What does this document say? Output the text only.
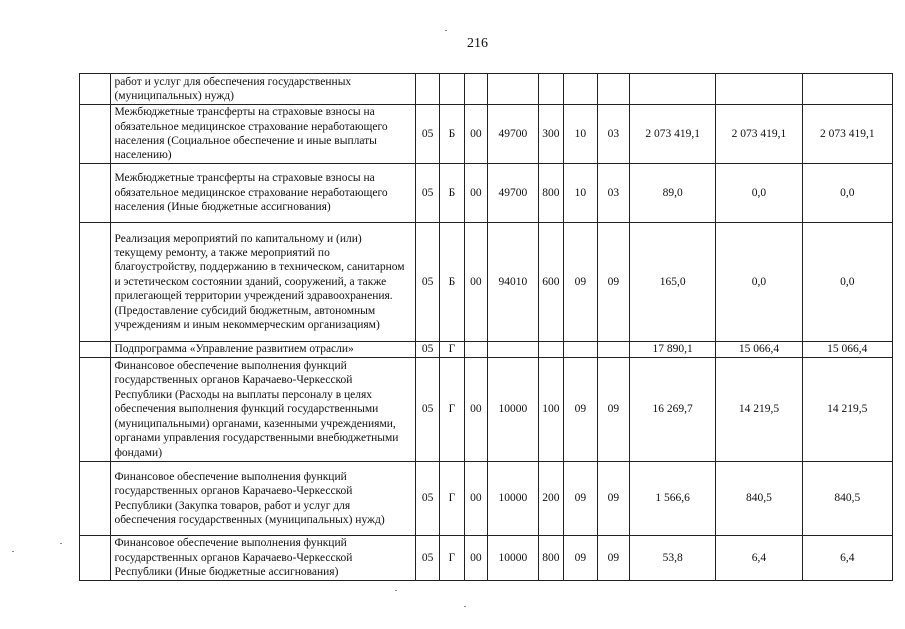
216
	работ и услуг для обеспечения государственных (муниципальных) нужд)										
	Межбюджетные трансферты на страховые взносы на обязательное медицинское страхование неработающего населения (Социальное обеспечение и иные выплаты населению)	05	Б	00	49700	300	10	03	2 073 419,1	2 073 419,1	2 073 419,1
	Межбюджетные трансферты на страховые взносы на обязательное медицинское страхование неработающего населения (Иные бюджетные ассигнования)	05	Б	00	49700	800	10	03	89,0	0,0	0,0
	Реализация мероприятий по капитальному и (или) текущему ремонту, а также мероприятий по благоустройству, поддержанию в техническом, санитарном и эстетическом состоянии зданий, сооружений, а также прилегающей территории учреждений здравоохранения. (Предоставление субсидий бюджетным, автономным учреждениям и иным некоммерческим организациям)	05	Б	00	94010	600	09	09	165,0	0,0	0,0
	Подпрограмма «Управление развитием отрасли»	05	Г						17 890,1	15 066,4	15 066,4
	Финансовое обеспечение выполнения функций государственных органов Карачаево-Черкесской Республики (Расходы на выплаты персоналу в целях обеспечения выполнения функций государственными (муниципальными) органами, казенными учреждениями, органами управления государственными внебюджетными фондами)	05	Г	00	10000	100	09	09	16 269,7	14 219,5	14 219,5
	Финансовое обеспечение выполнения функций государственных органов Карачаево-Черкесской Республики (Закупка товаров, работ и услуг для обеспечения государственных (муниципальных) нужд)	05	Г	00	10000	200	09	09	1 566,6	840,5	840,5
	Финансовое обеспечение выполнения функций государственных органов Карачаево-Черкесской Республики (Иные бюджетные ассигнования)	05	Г	00	10000	800	09	09	53,8	6,4	6,4
